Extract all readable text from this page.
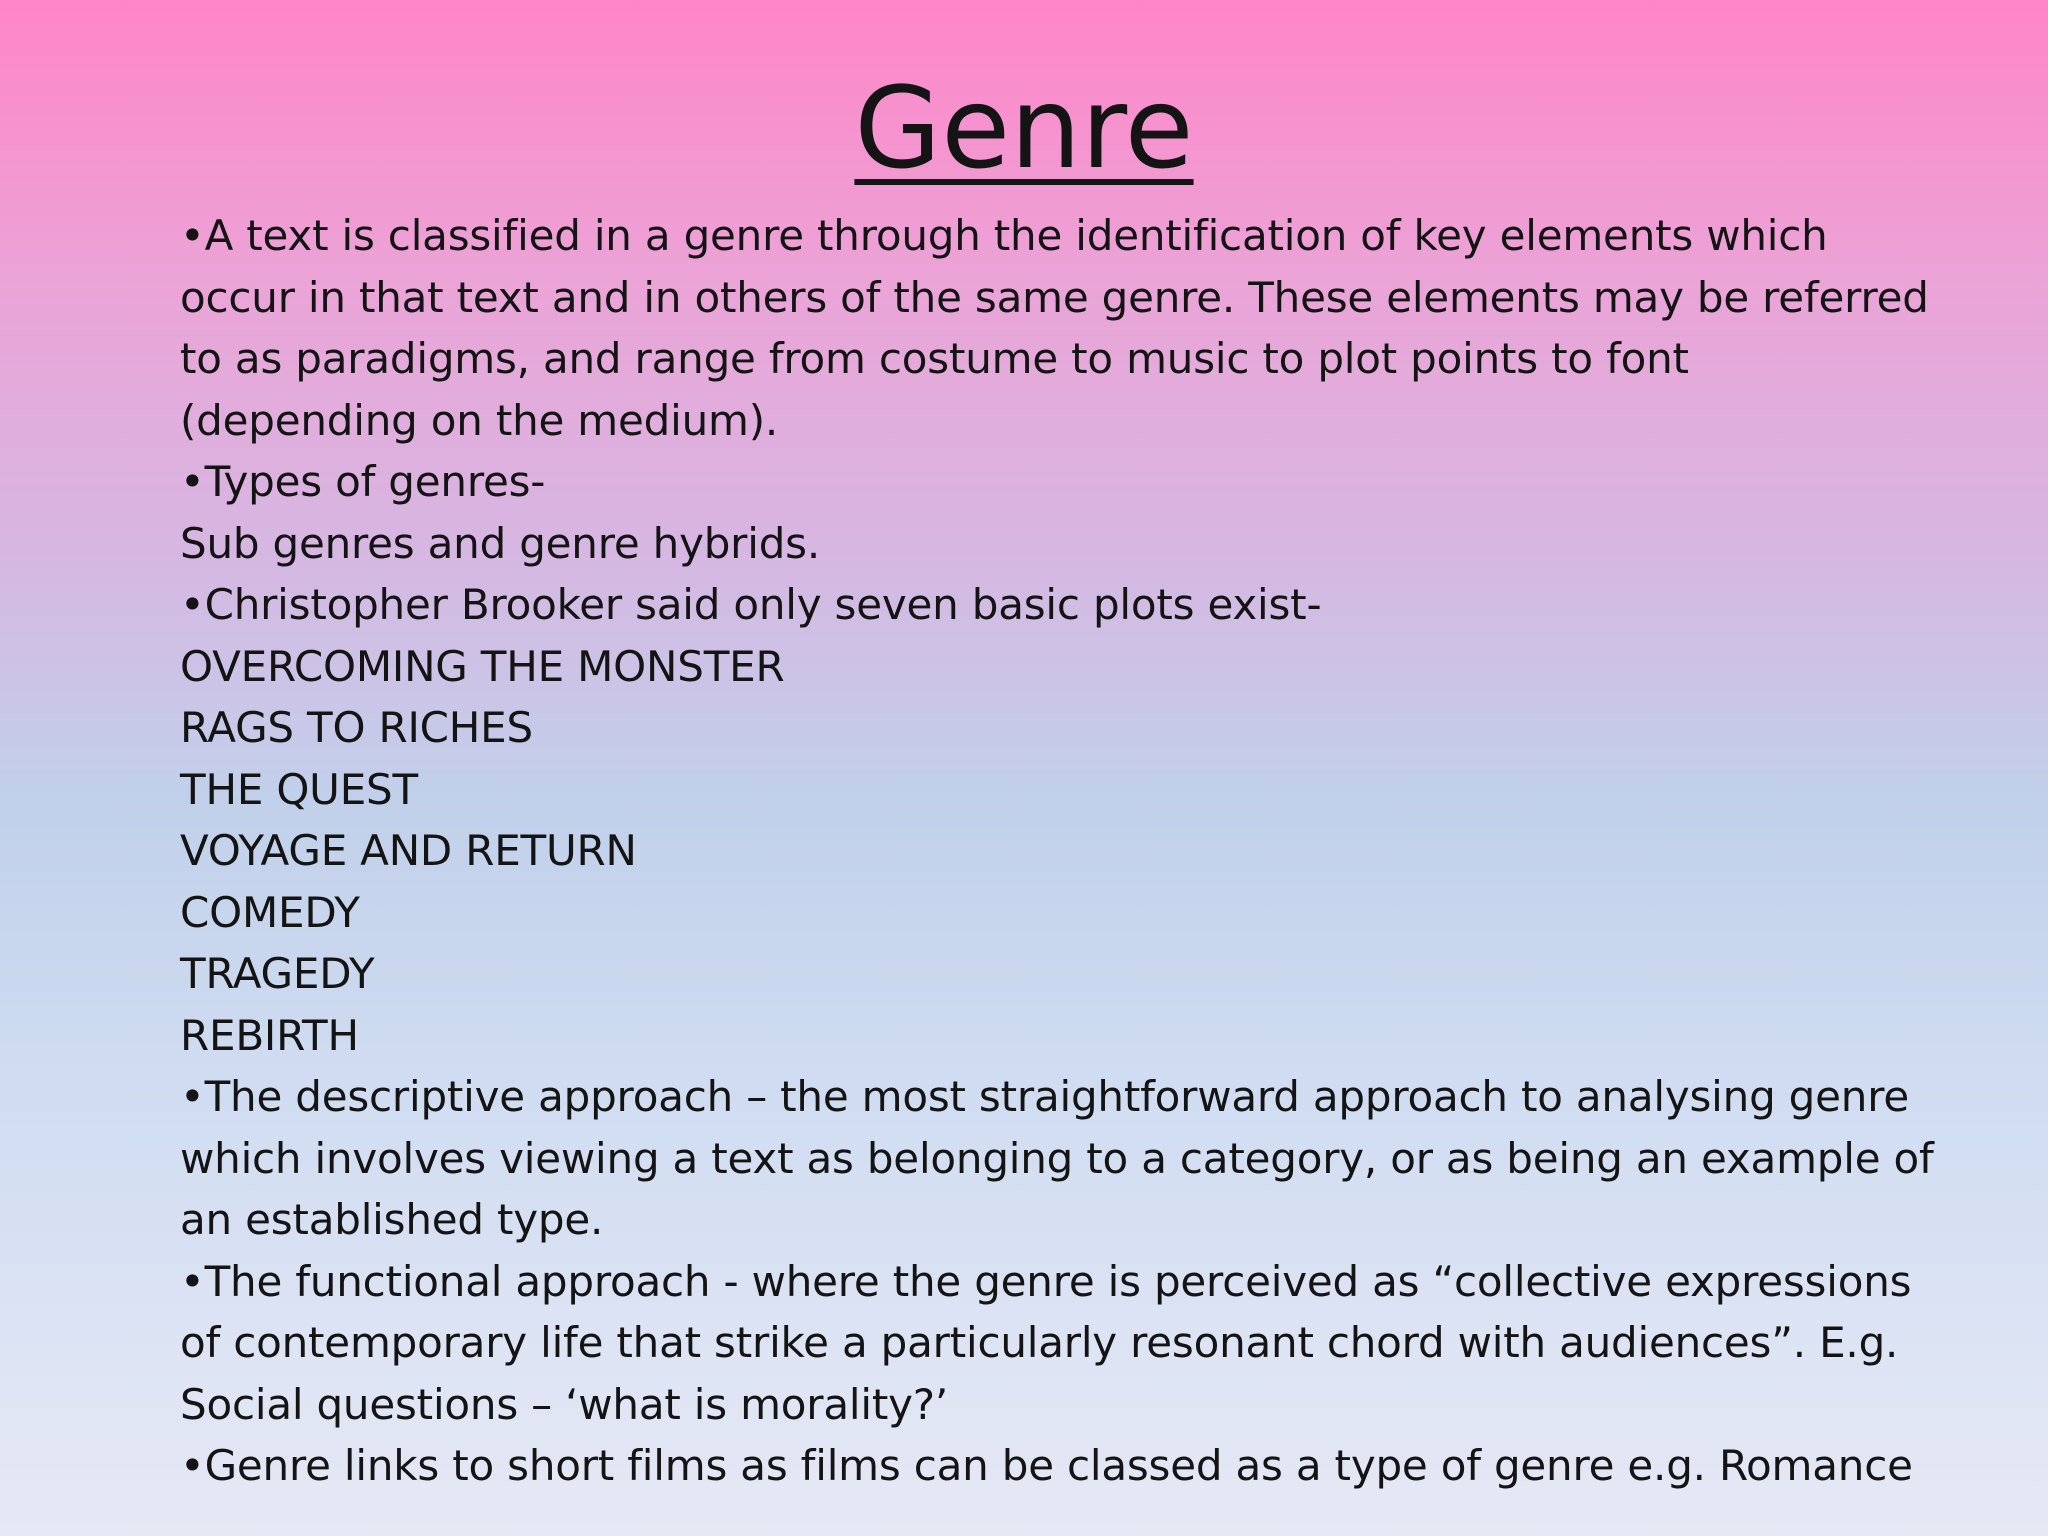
Genre
•A text is classified in a genre through the identification of key elements which
occur in that text and in others of the same genre. These elements may be referred
to as paradigms, and range from costume to music to plot points to font
(depending on the medium).
•Types of genres-
Sub genres and genre hybrids.
•Christopher Brooker said only seven basic plots exist-
OVERCOMING THE MONSTER
RAGS TO RICHES
THE QUEST
VOYAGE AND RETURN
COMEDY
TRAGEDY
REBIRTH
•The descriptive approach – the most straightforward approach to analysing genre
which involves viewing a text as belonging to a category, or as being an example of
an established type.
•The functional approach - where the genre is perceived as “collective expressions
of contemporary life that strike a particularly resonant chord with audiences”. E.g.
Social questions – ‘what is morality?’
•Genre links to short films as films can be classed as a type of genre e.g. Romance
